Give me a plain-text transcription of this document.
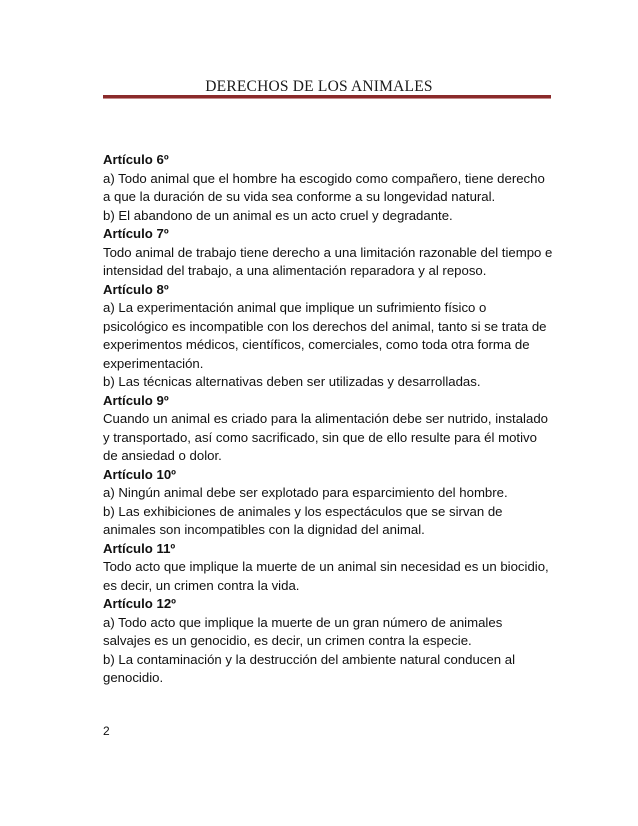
DERECHOS DE LOS ANIMALES

Artículo 6º

a) Todo animal que el hombre ha escogido como compañero, tiene derecho a que la duración de su vida sea conforme a su longevidad natural.

b) El abandono de un animal es un acto cruel y degradante.

Artículo 7º

Todo animal de trabajo tiene derecho a una limitación razonable del tiempo e intensidad del trabajo, a una alimentación reparadora y al reposo.

Artículo 8º

a) La experimentación animal que implique un sufrimiento físico o psicológico es incompatible con los derechos del animal, tanto si se trata de experimentos médicos, científicos, comerciales, como toda otra forma de experimentación.

b) Las técnicas alternativas deben ser utilizadas y desarrolladas.

Artículo 9º

Cuando un animal es criado para la alimentación debe ser nutrido, instalado y transportado, así como sacrificado, sin que de ello resulte para él motivo de ansiedad o dolor.

Artículo 10º

a) Ningún animal debe ser explotado para esparcimiento del hombre.

b) Las exhibiciones de animales y los espectáculos que se sirvan de animales son incompatibles con la dignidad del animal.

Artículo 11º

Todo acto que implique la muerte de un animal sin necesidad es un biocidio, es decir, un crimen contra la vida.

Artículo 12º

a) Todo acto que implique la muerte de un gran número de animales salvajes es un genocidio, es decir, un crimen contra la especie.

b) La contaminación y la destrucción del ambiente natural conducen al genocidio.

2
